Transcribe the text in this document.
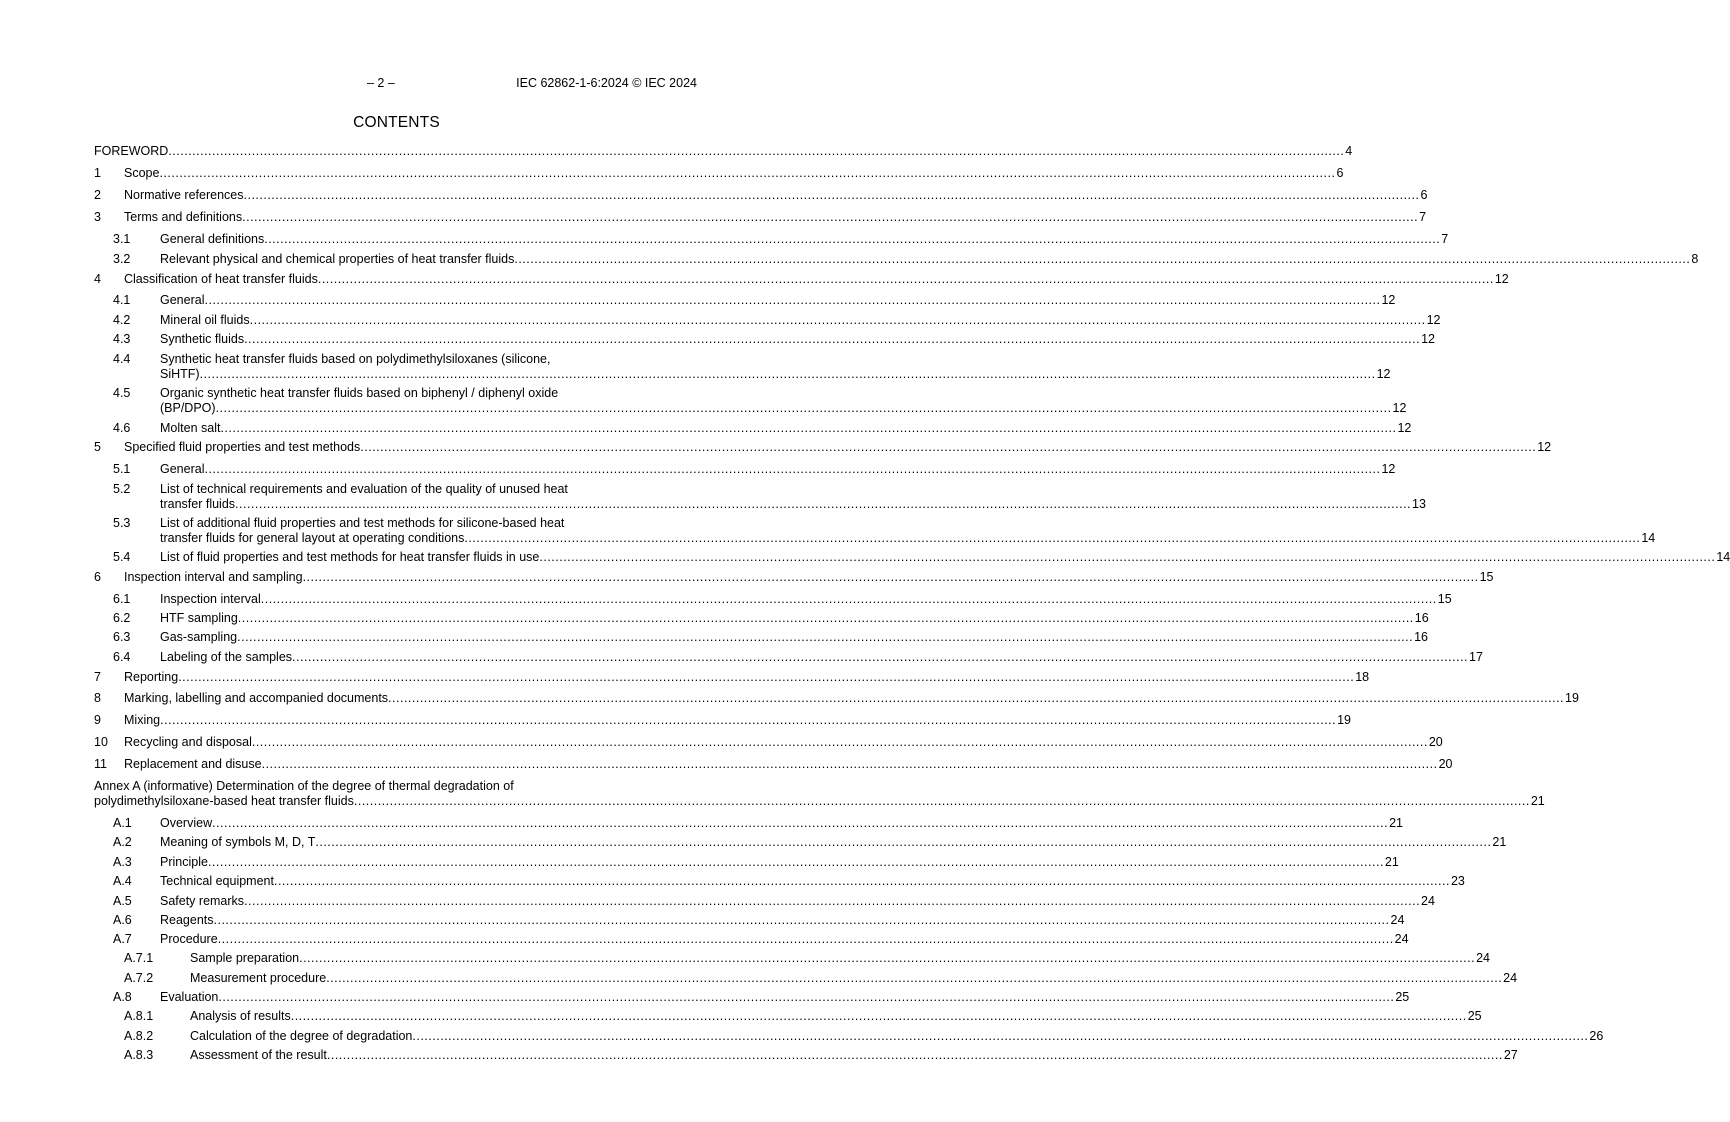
– 2 –	IEC 62862-1-6:2024 © IEC 2024
CONTENTS
FOREWORD .....	4
1 Scope .....	6
2 Normative references .....	6
3 Terms and definitions .....	7
3.1 General definitions .....	7
3.2 Relevant physical and chemical properties of heat transfer fluids .....	8
4 Classification of heat transfer fluids .....	12
4.1 General .....	12
4.2 Mineral oil fluids .....	12
4.3 Synthetic fluids .....	12
4.4 Synthetic heat transfer fluids based on polydimethylsiloxanes (silicone,
SiHTF) .....	12
4.5 Organic synthetic heat transfer fluids based on biphenyl / diphenyl oxide
(BP/DPO) .....	12
4.6 Molten salt .....	12
5 Specified fluid properties and test methods .....	12
5.1 General .....	12
5.2 List of technical requirements and evaluation of the quality of unused heat
transfer fluids .....	13
5.3 List of additional fluid properties and test methods for silicone-based heat
transfer fluids for general layout at operating conditions .....	14
5.4 List of fluid properties and test methods for heat transfer fluids in use .....	14
6 Inspection interval and sampling .....	15
6.1 Inspection interval .....	15
6.2 HTF sampling .....	16
6.3 Gas-sampling .....	16
6.4 Labeling of the samples .....	17
7 Reporting .....	18
8 Marking, labelling and accompanied documents .....	19
9 Mixing .....	19
10 Recycling and disposal .....	20
11 Replacement and disuse .....	20
Annex A (informative) Determination of the degree of thermal degradation of
polydimethylsiloxane-based heat transfer fluids .....	21
A.1 Overview .....	21
A.2 Meaning of symbols M, D, T .....	21
A.3 Principle .....	21
A.4 Technical equipment .....	23
A.5 Safety remarks .....	24
A.6 Reagents .....	24
A.7 Procedure .....	24
A.7.1	Sample preparation .....	24
A.7.2	Measurement procedure .....	24
A.8 Evaluation .....	25
A.8.1	Analysis of results .....	25
A.8.2	Calculation of the degree of degradation .....	26
A.8.3	Assessment of the result .....	27
